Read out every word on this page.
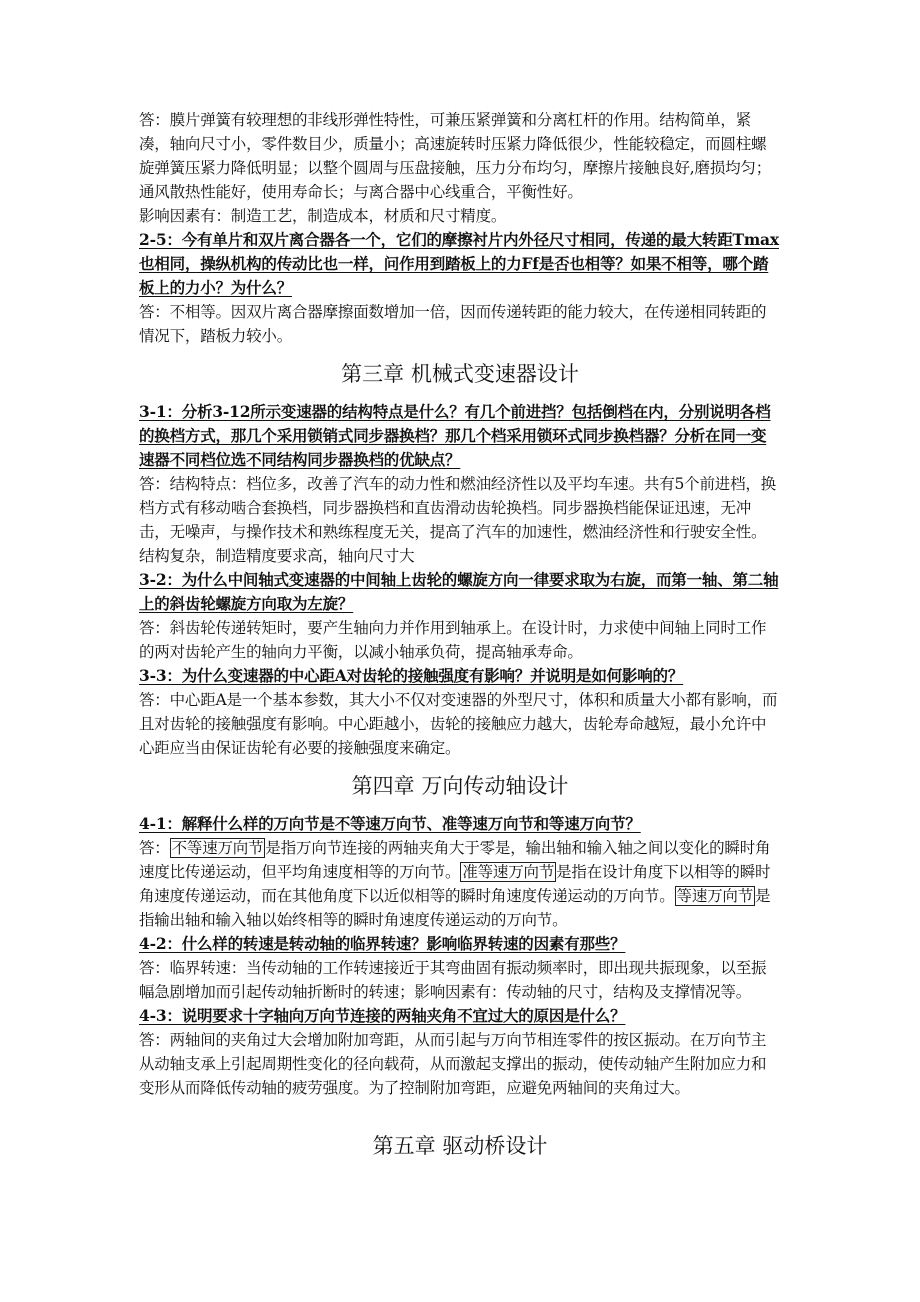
答：膜片弹簧有较理想的非线形弹性特性，可兼压紧弹簧和分离杠杆的作用。结构简单，紧凑，轴向尺寸小，零件数目少，质量小；高速旋转时压紧力降低很少，性能较稳定，而圆柱螺旋弹簧压紧力降低明显；以整个圆周与压盘接触，压力分布均匀，摩擦片接触良好,磨损均匀；通风散热性能好，使用寿命长；与离合器中心线重合，平衡性好。

影响因素有：制造工艺，制造成本，材质和尺寸精度。

2-5：今有单片和双片离合器各一个，它们的摩擦衬片内外径尺寸相同，传递的最大转距Tmax也相同，操纵机构的传动比也一样，问作用到踏板上的力Ff是否也相等？如果不相等，哪个踏板上的力小？为什么？

答：不相等。因双片离合器摩擦面数增加一倍，因而传递转距的能力较大，在传递相同转距的情况下，踏板力较小。

第三章 机械式变速器设计

3-1：分析3-12所示变速器的结构特点是什么？有几个前进挡？包括倒档在内，分别说明各档的换档方式，那几个采用锁销式同步器换档？那几个档采用锁环式同步换档器？分析在同一变速器不同档位选不同结构同步器换档的优缺点？

答：结构特点：档位多，改善了汽车的动力性和燃油经济性以及平均车速。共有5个前进档，换档方式有移动啮合套换档，同步器换档和直齿滑动齿轮换档。同步器换档能保证迅速，无冲击，无噪声，与操作技术和熟练程度无关，提高了汽车的加速性，燃油经济性和行驶安全性。结构复杂，制造精度要求高，轴向尺寸大

3-2：为什么中间轴式变速器的中间轴上齿轮的螺旋方向一律要求取为右旋，而第一轴、第二轴上的斜齿轮螺旋方向取为左旋？

答：斜齿轮传递转矩时，要产生轴向力并作用到轴承上。在设计时，力求使中间轴上同时工作的两对齿轮产生的轴向力平衡，以减小轴承负荷，提高轴承寿命。

3-3：为什么变速器的中心距A对齿轮的接触强度有影响？并说明是如何影响的？

答：中心距A是一个基本参数，其大小不仅对变速器的外型尺寸，体积和质量大小都有影响，而且对齿轮的接触强度有影响。中心距越小，齿轮的接触应力越大，齿轮寿命越短，最小允许中心距应当由保证齿轮有必要的接触强度来确定。

第四章 万向传动轴设计

4-1：解释什么样的万向节是不等速万向节、准等速万向节和等速万向节？

答： 不等速万向节 是指万向节连接的两轴夹角大于零是，输出轴和输入轴之间以变化的瞬时角速度比传递运动，但平均角速度相等的万向节。 准等速万向节 是指在设计角度下以相等的瞬时角速度传递运动，而在其他角度下以近似相等的瞬时角速度传递运动的万向节。 等速万向节 是指输出轴和输入轴以始终相等的瞬时角速度传递运动的万向节。

4-2：什么样的转速是转动轴的临界转速？影响临界转速的因素有那些？

答：临界转速：当传动轴的工作转速接近于其弯曲固有振动频率时，即出现共振现象，以至振幅急剧增加而引起传动轴折断时的转速；影响因素有：传动轴的尺寸，结构及支撑情况等。

4-3：说明要求十字轴向万向节连接的两轴夹角不宜过大的原因是什么？

答：两轴间的夹角过大会增加附加弯距，从而引起与万向节相连零件的按区振动。在万向节主从动轴支承上引起周期性变化的径向载荷，从而激起支撑出的振动，使传动轴产生附加应力和变形从而降低传动轴的疲劳强度。为了控制附加弯距，应避免两轴间的夹角过大。

第五章 驱动桥设计
